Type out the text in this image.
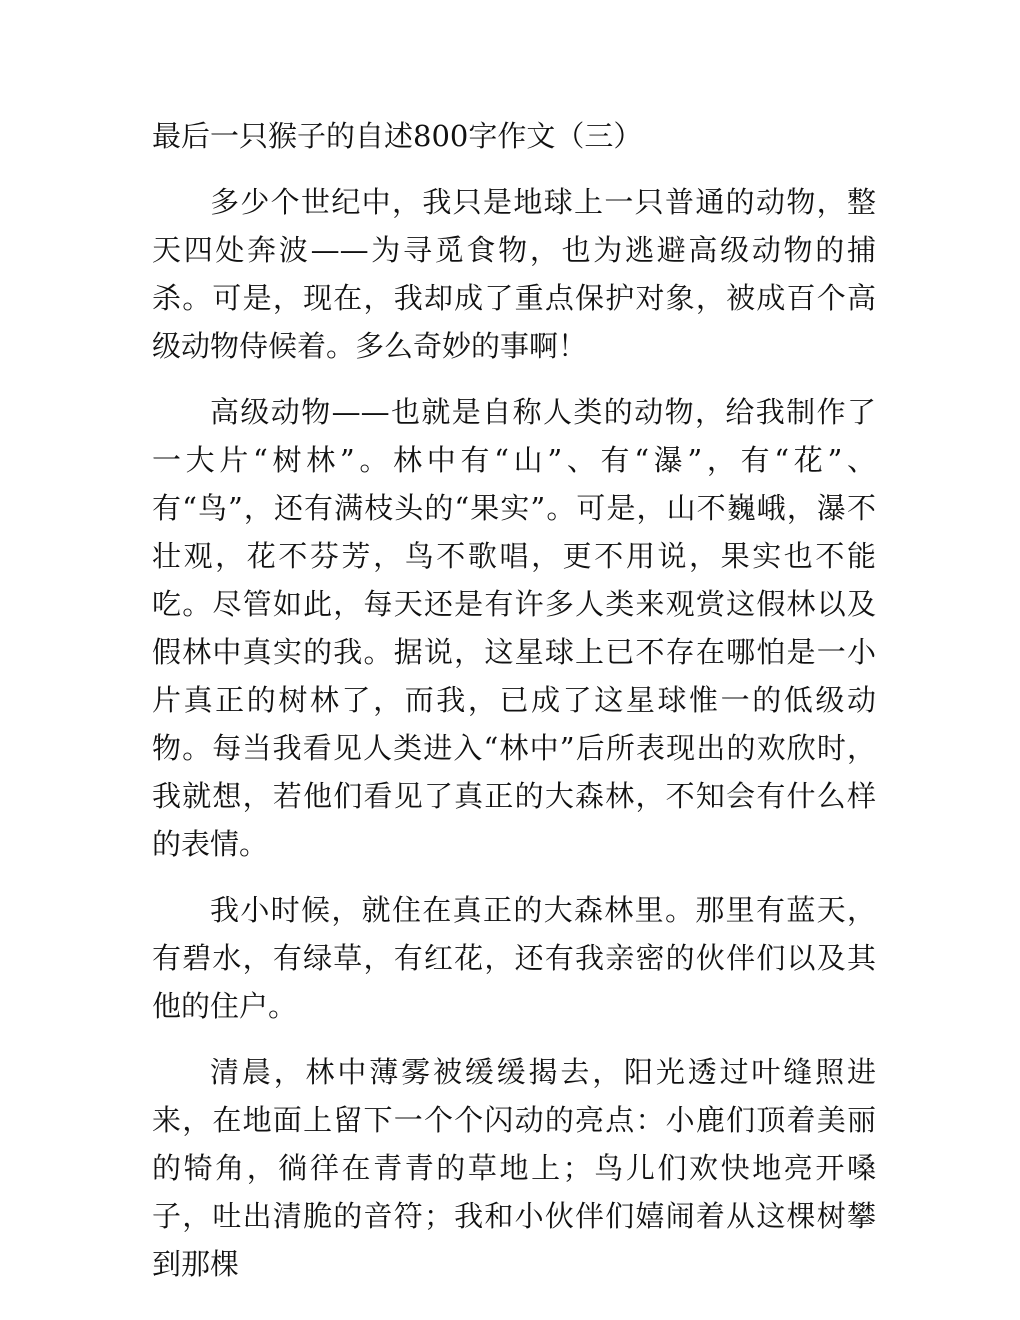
最后一只猴子的自述800字作文（三）

多少个世纪中，我只是地球上一只普通的动物，整天四处奔波——为寻觅食物，也为逃避高级动物的捕杀。可是，现在，我却成了重点保护对象，被成百个高级动物侍候着。多么奇妙的事啊！

高级动物——也就是自称人类的动物，给我制作了一大片“树林”。林中有“山”、有“瀑”，有“花”、有“鸟”，还有满枝头的“果实”。可是，山不巍峨，瀑不壮观，花不芬芳，鸟不歌唱，更不用说，果实也不能吃。尽管如此，每天还是有许多人类来观赏这假林以及假林中真实的我。据说，这星球上已不存在哪怕是一小片真正的树林了，而我，已成了这星球惟一的低级动物。每当我看见人类进入“林中”后所表现出的欢欣时，我就想，若他们看见了真正的大森林，不知会有什么样的表情。

我小时候，就住在真正的大森林里。那里有蓝天，有碧水，有绿草，有红花，还有我亲密的伙伴们以及其他的住户。

清晨，林中薄雾被缓缓揭去，阳光透过叶缝照进来，在地面上留下一个个闪动的亮点：小鹿们顶着美丽的犄角，徜徉在青青的草地上；鸟儿们欢快地亮开嗓子，吐出清脆的音符；我和小伙伴们嬉闹着从这棵树攀到那棵
